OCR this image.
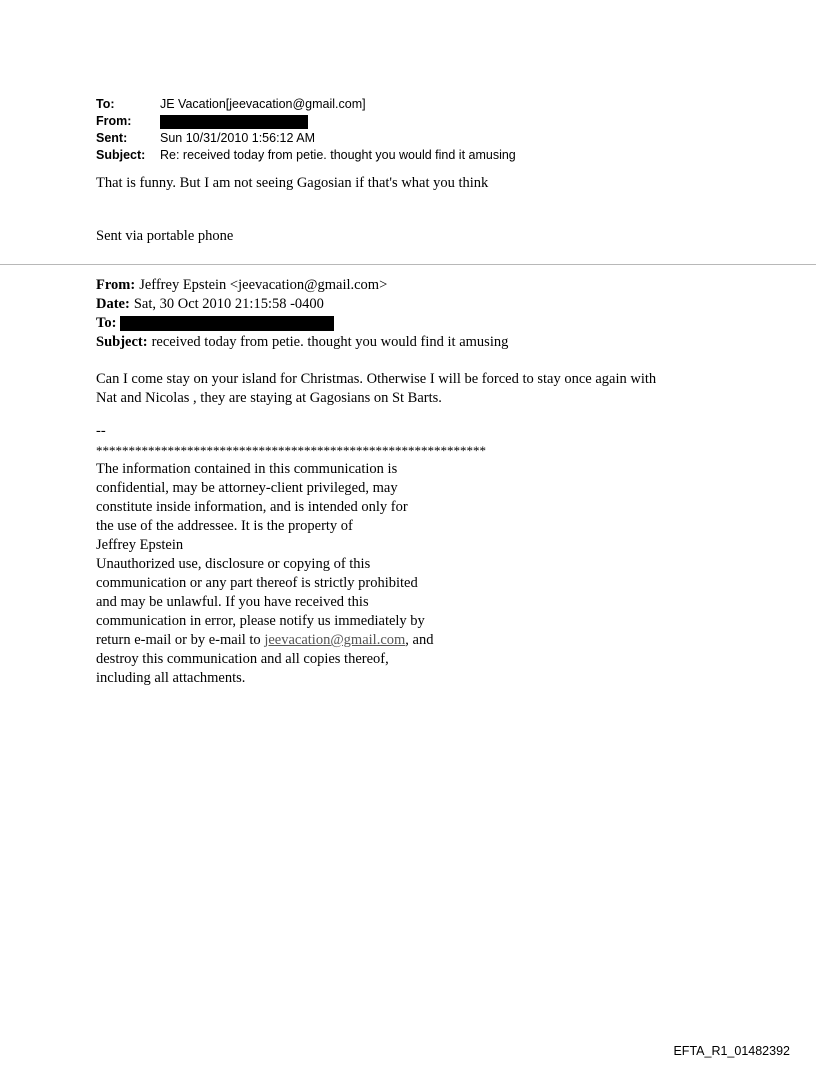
To:	JE Vacation[jeevacation@gmail.com]
From:
Sent:	Sun 10/31/2010 1:56:12 AM
Subject:	Re: received today from petie. thought you would find it amusing
That is funny. But I am not seeing Gagosian if that's what you think
Sent via portable phone
From: Jeffrey Epstein <jeevacation@gmail.com>
Date: Sat, 30 Oct 2010 21:15:58 -0400
To:
Subject: received today from petie. thought you would find it amusing
Can I come stay on your island for Christmas. Otherwise I will be forced to stay once again with
Nat and Nicolas , they are staying at Gagosians on St Barts.
--
************************************************************
The information contained in this communication is
confidential, may be attorney-client privileged, may
constitute inside information, and is intended only for
the use of the addressee. It is the property of
Jeffrey Epstein
Unauthorized use, disclosure or copying of this
communication or any part thereof is strictly prohibited
and may be unlawful. If you have received this
communication in error, please notify us immediately by
return e-mail or by e-mail to jeevacation@gmail.com, and
destroy this communication and all copies thereof,
including all attachments.
EFTA_R1_01482392
